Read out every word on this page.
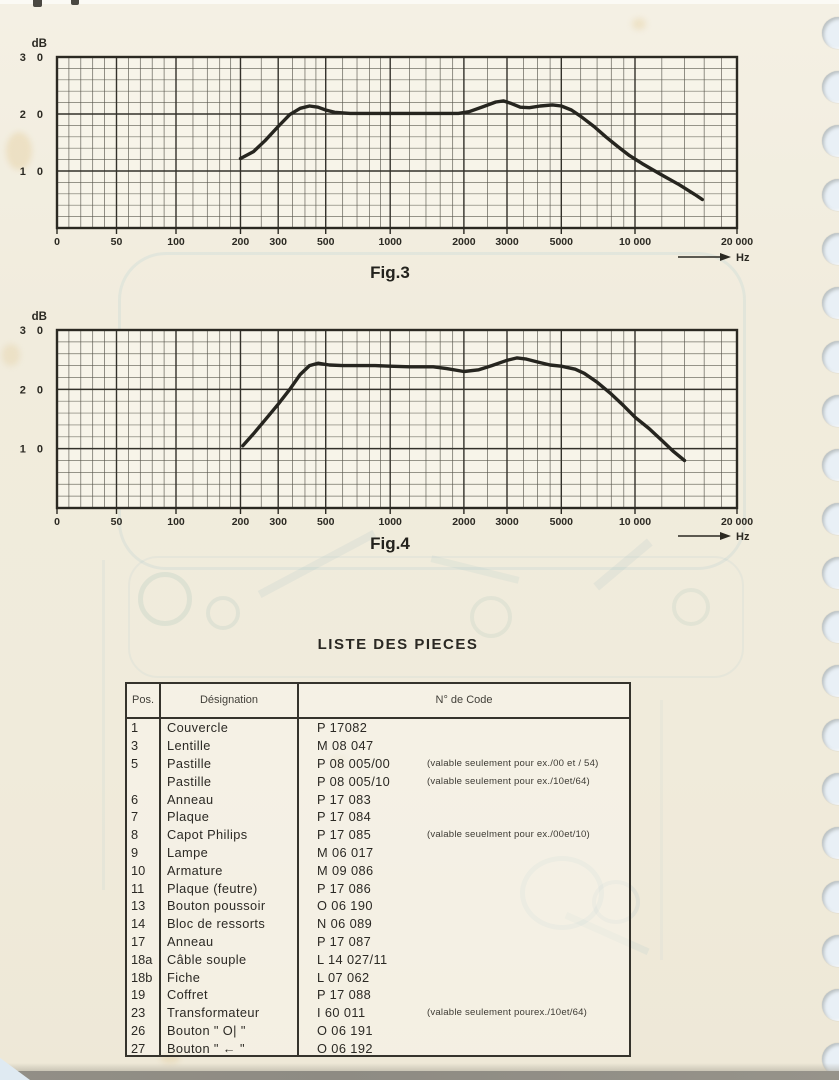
0	50	100	200 300	500	1000	2000 3000	5000	10 000	20 000
3 0
2 0
1 0
dB
Hz
Fig.3
0	50	100	200 300	500	1000	2000 3000	5000	10 000	20 000
3 0
2 0
1 0
dB
Hz
Fig.4
LISTE DES PIECES
Pos.	Désignation	N° de Code
1	Couvercle	P 17082
3	Lentille	M 08 047
5	Pastille	P 08 005/00	(valable seulement pour ex./00 et / 54)
Pastille	P 08 005/10	(valable seulement pour ex./10et/64)
6	Anneau	P 17 083
7	Plaque	P 17 084
8	Capot Philips	P 17 085	(valable seuelment pour ex./00et/10)
9	Lampe	M 06 017
10	Armature	M 09 086
11	Plaque (feutre)	P 17 086
13	Bouton poussoir	O 06 190
14	Bloc de ressorts	N 06 089
17	Anneau	P 17 087
18a	Câble souple	L 14 027/11
18b	Fiche	L 07 062
19	Coffret	P 17 088
23	Transformateur	I 60 011	(valable seulement pourex./10et/64)
26	Bouton " O| "	O 06 191
27	Bouton " ← "	O 06 192
